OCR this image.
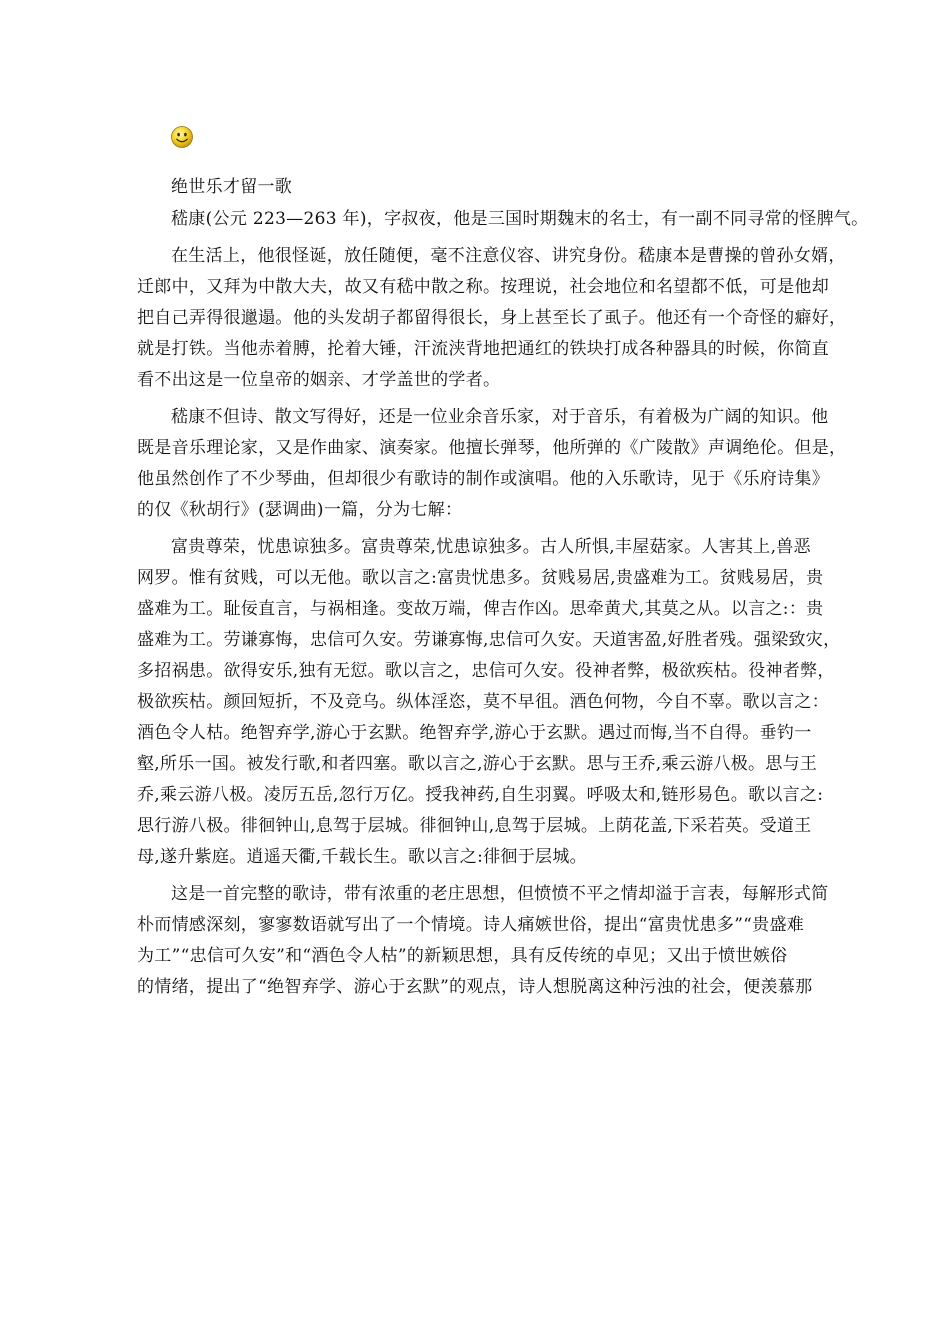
绝世乐才留一歌
嵇康(公元 223—263 年)，字叔夜，他是三国时期魏末的名士，有一副不同寻常的怪脾气。
在生活上，他很怪诞，放任随便，毫不注意仪容、讲究身份。嵇康本是曹操的曾孙女婿，
迁郎中，又拜为中散大夫，故又有嵇中散之称。按理说，社会地位和名望都不低，可是他却
把自己弄得很邋遢。他的头发胡子都留得很长，身上甚至长了虱子。他还有一个奇怪的癖好，
就是打铁。当他赤着膊，抡着大锤，汗流浃背地把通红的铁块打成各种器具的时候，你简直
看不出这是一位皇帝的姻亲、才学盖世的学者。
嵇康不但诗、散文写得好，还是一位业余音乐家，对于音乐，有着极为广阔的知识。他
既是音乐理论家，又是作曲家、演奏家。他擅长弹琴，他所弹的《广陵散》声调绝伦。但是，
他虽然创作了不少琴曲，但却很少有歌诗的制作或演唱。他的入乐歌诗，见于《乐府诗集》
的仅《秋胡行》(瑟调曲)一篇，分为七解：
富贵尊荣，忧患谅独多。富贵尊荣,忧患谅独多。古人所惧,丰屋菇家。人害其上,兽恶
网罗。惟有贫贱，可以无他。歌以言之:富贵忧患多。贫贱易居,贵盛难为工。贫贱易居，贵
盛难为工。耻佞直言，与祸相逢。变故万端，俾吉作凶。思牵黄犬,其莫之从。以言之:：贵
盛难为工。劳谦寡悔，忠信可久安。劳谦寡悔,忠信可久安。天道害盈,好胜者残。强梁致灾，
多招祸患。欲得安乐,独有无愆。歌以言之，忠信可久安。役神者弊，极欲疾枯。役神者弊，
极欲疾枯。颜回短折，不及竞乌。纵体淫恣，莫不早徂。酒色何物，今自不辜。歌以言之：
酒色令人枯。绝智弃学,游心于玄默。绝智弃学,游心于玄默。遇过而悔,当不自得。垂钓一
壑,所乐一国。被发行歌,和者四塞。歌以言之,游心于玄默。思与王乔,乘云游八极。思与王
乔,乘云游八极。凌厉五岳,忽行万亿。授我神药,自生羽翼。呼吸太和,链形易色。歌以言之:
思行游八极。徘徊钟山,息驾于层城。徘徊钟山,息驾于层城。上荫花盖,下采若英。受道王
母,遂升紫庭。逍遥天衢,千载长生。歌以言之:徘徊于层城。
这是一首完整的歌诗，带有浓重的老庄思想，但愤愤不平之情却溢于言表，每解形式简
朴而情感深刻，寥寥数语就写出了一个情境。诗人痛嫉世俗，提出“富贵忧患多”“贵盛难
为工”“忠信可久安”和“酒色令人枯”的新颖思想，具有反传统的卓见；又出于愤世嫉俗
的情绪，提出了“绝智弃学、游心于玄默”的观点，诗人想脱离这种污浊的社会，便羡慕那
